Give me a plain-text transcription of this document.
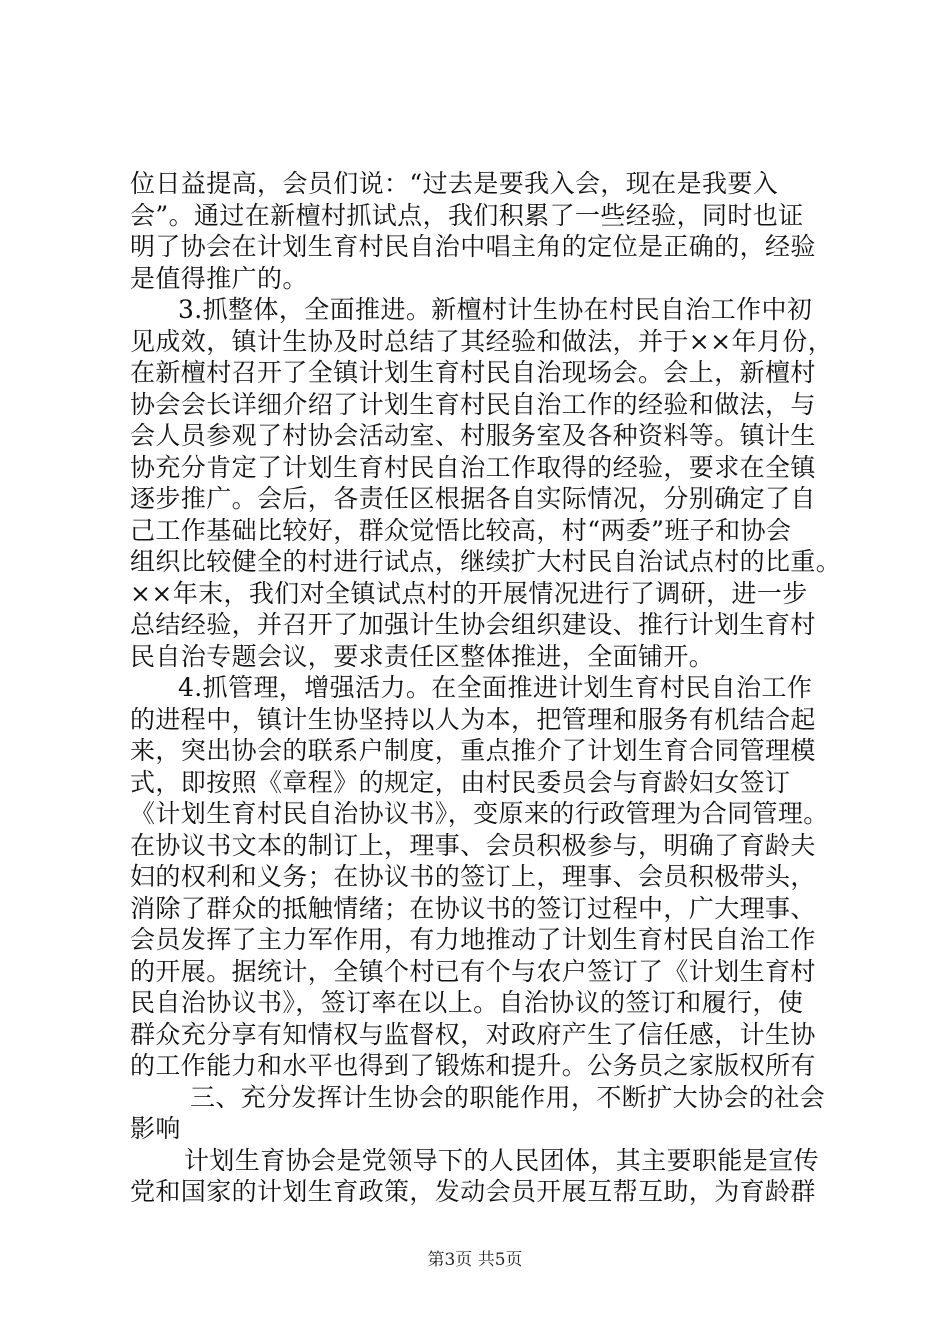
位日益提高，会员们说：“过去是要我入会，现在是我要入
会”。通过在新檀村抓试点，我们积累了一些经验，同时也证
明了协会在计划生育村民自治中唱主角的定位是正确的，经验
是值得推广的。
3.抓整体，全面推进。新檀村计生协在村民自治工作中初
见成效，镇计生协及时总结了其经验和做法，并于××年月份，
在新檀村召开了全镇计划生育村民自治现场会。会上，新檀村
协会会长详细介绍了计划生育村民自治工作的经验和做法，与
会人员参观了村协会活动室、村服务室及各种资料等。镇计生
协充分肯定了计划生育村民自治工作取得的经验，要求在全镇
逐步推广。会后，各责任区根据各自实际情况，分别确定了自
己工作基础比较好，群众觉悟比较高，村“两委”班子和协会
组织比较健全的村进行试点，继续扩大村民自治试点村的比重。
××年末，我们对全镇试点村的开展情况进行了调研，进一步
总结经验，并召开了加强计生协会组织建设、推行计划生育村
民自治专题会议，要求责任区整体推进，全面铺开。
4.抓管理，增强活力。在全面推进计划生育村民自治工作
的进程中，镇计生协坚持以人为本，把管理和服务有机结合起
来，突出协会的联系户制度，重点推介了计划生育合同管理模
式，即按照《章程》的规定，由村民委员会与育龄妇女签订
《计划生育村民自治协议书》，变原来的行政管理为合同管理。
在协议书文本的制订上，理事、会员积极参与，明确了育龄夫
妇的权利和义务；在协议书的签订上，理事、会员积极带头，
消除了群众的抵触情绪；在协议书的签订过程中，广大理事、
会员发挥了主力军作用，有力地推动了计划生育村民自治工作
的开展。据统计，全镇个村已有个与农户签订了《计划生育村
民自治协议书》，签订率在以上。自治协议的签订和履行，使
群众充分享有知情权与监督权，对政府产生了信任感，计生协
的工作能力和水平也得到了锻炼和提升。公务员之家版权所有
三、充分发挥计生协会的职能作用，不断扩大协会的社会
影响
计划生育协会是党领导下的人民团体，其主要职能是宣传
党和国家的计划生育政策，发动会员开展互帮互助，为育龄群
第3页 共5页
